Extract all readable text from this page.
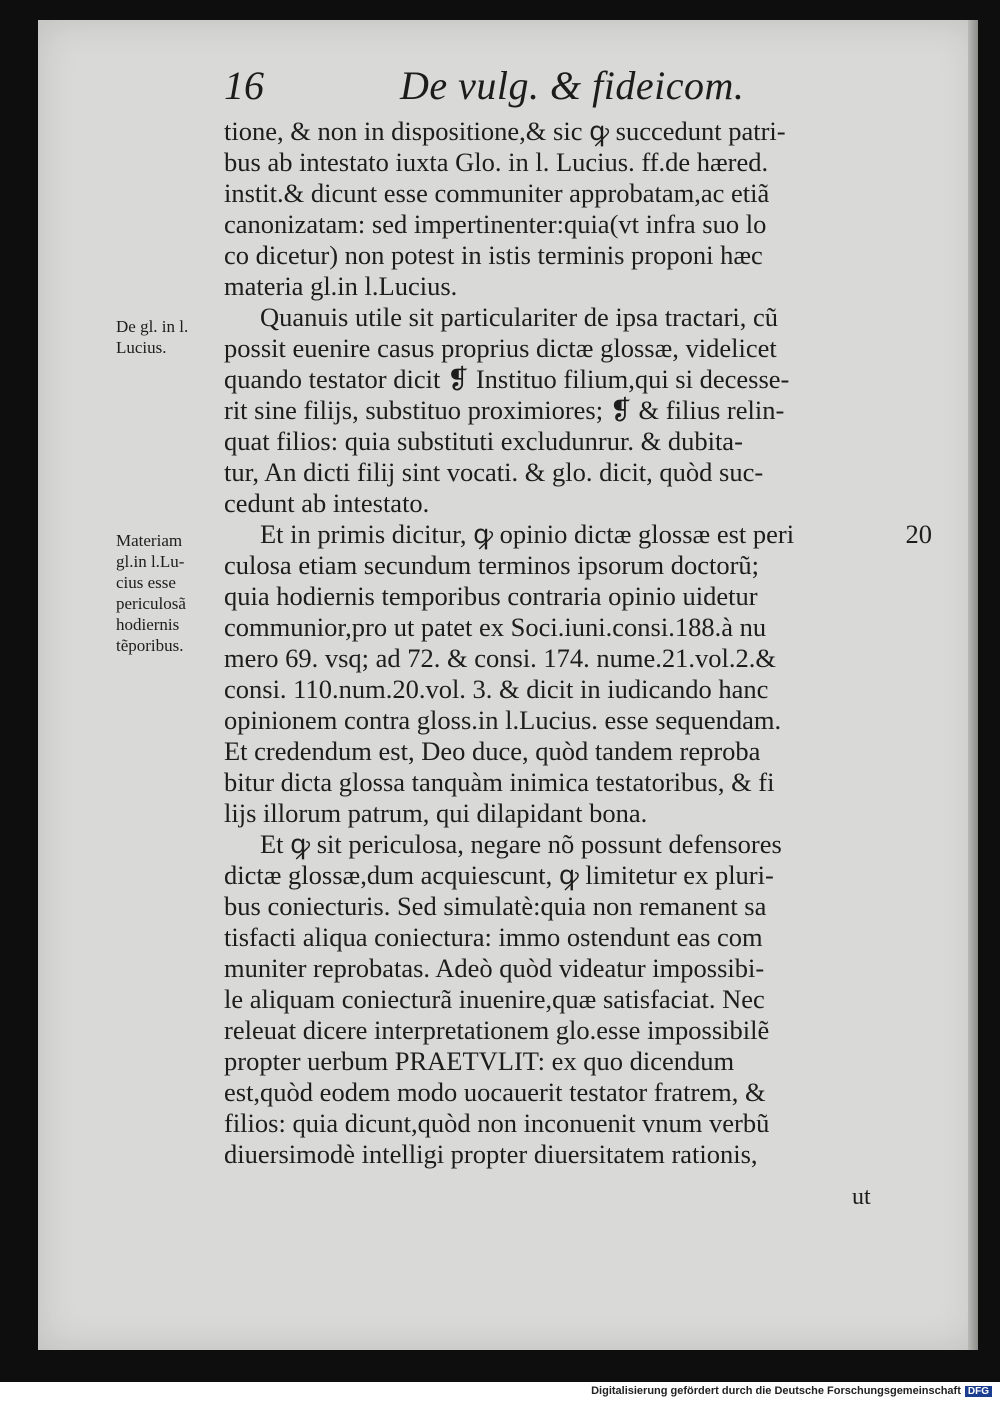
16	De vulg. & fideicom.
De gl. in l.
Lucius.
Materiam
gl.in l.Lu-
cius esse
periculosã
hodiernis
tẽporibus.
tione, & non in dispositione,& sic ꝙ succedunt patri-
bus ab intestato iuxta Glo. in l. Lucius. ff.de hæred.
instit.& dicunt esse communiter approbatam,ac etiã
canonizatam: sed impertinenter:quia(vt infra suo lo
co dicetur) non potest in istis terminis proponi hæc
materia gl.in l.Lucius.
Quanuis utile sit particulariter de ipsa tractari, cũ
possit euenire casus proprius dictæ glossæ, videlicet
quando testator dicit ❡ Instituo filium,qui si decesse-
rit sine filijs, substituo proximiores; ❡ & filius relin-
quat filios: quia substituti excludunrur. & dubita-
tur, An dicti filij sint vocati. & glo. dicit, quòd suc-
cedunt ab intestato.
Et in primis dicitur, ꝙ opinio dictæ glossæ est peri	20
culosa etiam secundum terminos ipsorum doctorũ;
quia hodiernis temporibus contraria opinio uidetur
communior,pro ut patet ex Soci.iuni.consi.188.à nu
mero 69. vsq; ad 72. & consi. 174. nume.21.vol.2.&
consi. 110.num.20.vol. 3. & dicit in iudicando hanc
opinionem contra gloss.in l.Lucius. esse sequendam.
Et credendum est, Deo duce, quòd tandem reproba
bitur dicta glossa tanquàm inimica testatoribus, & fi
lijs illorum patrum, qui dilapidant bona.
Et ꝙ sit periculosa, negare nõ possunt defensores
dictæ glossæ,dum acquiescunt, ꝙ limitetur ex pluri-
bus coniecturis. Sed simulatè:quia non remanent sa
tisfacti aliqua coniectura: immo ostendunt eas com
muniter reprobatas. Adeò quòd videatur impossibi-
le aliquam coniecturã inuenire,quæ satisfaciat. Nec
releuat dicere interpretationem glo.esse impossibilẽ
propter uerbum PRAETVLIT: ex quo dicendum
est,quòd eodem modo uocauerit testator fratrem, &
filios: quia dicunt,quòd non inconuenit vnum verbũ
diuersimodè intelligi propter diuersitatem rationis,
ut
Digitalisierung gefördert durch die Deutsche Forschungsgemeinschaft DFG
